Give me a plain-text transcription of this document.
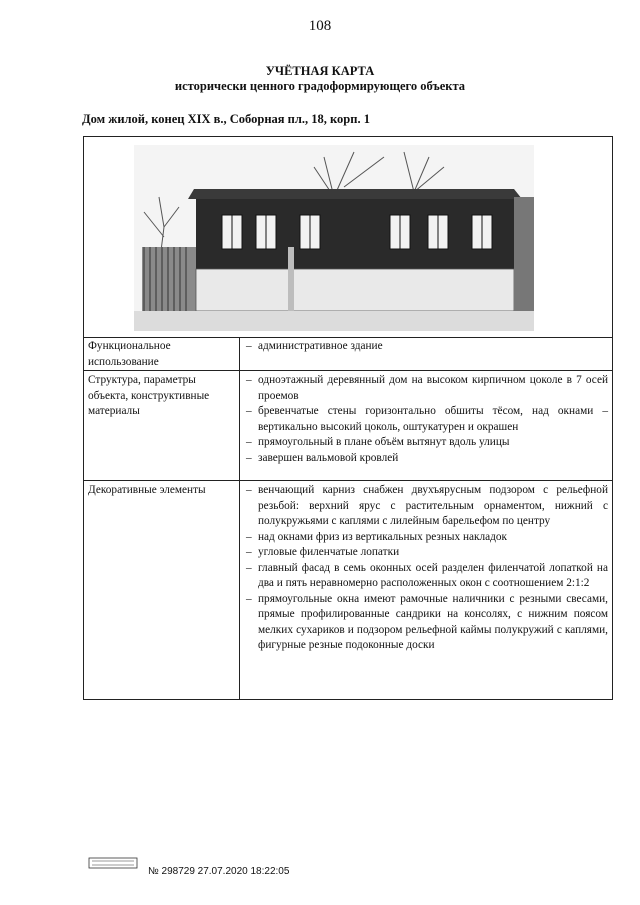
108
УЧЁТНАЯ КАРТА
исторически ценного градоформирующего объекта
Дом жилой, конец XIX в., Соборная пл., 18, корп. 1
Функциональное использование
– административное здание
Структура, параметры объекта, конструктивные материалы
– одноэтажный деревянный дом на высоком кирпичном цоколе в 7 осей проемов
– бревенчатые стены горизонтально обшиты тёсом, над окнами – вертикально высокий цоколь, оштукатурен и окрашен
– прямоугольный в плане объём вытянут вдоль улицы
– завершен вальмовой кровлей
Декоративные элементы
–	венчающий карниз снабжен двухъярусным подзором с рельефной резьбой: верхний ярус с растительным орнаментом, нижний с полукружьями с каплями с лилейным барельефом по центру
– над окнами фриз из вертикальных резных накладок
– угловые филенчатые лопатки
– главный фасад в семь оконных осей разделен филенчатой лопаткой на два и пять неравномерно расположенных окон с соотношением 2:1:2
– прямоугольные окна имеют рамочные наличники с резными свесами, прямые профилированные сандрики на консолях, с нижним поясом мелких сухариков и подзором рельефной каймы полукружий с каплями, фигурные резные подоконные доски
№ 298729 27.07.2020 18:22:05
